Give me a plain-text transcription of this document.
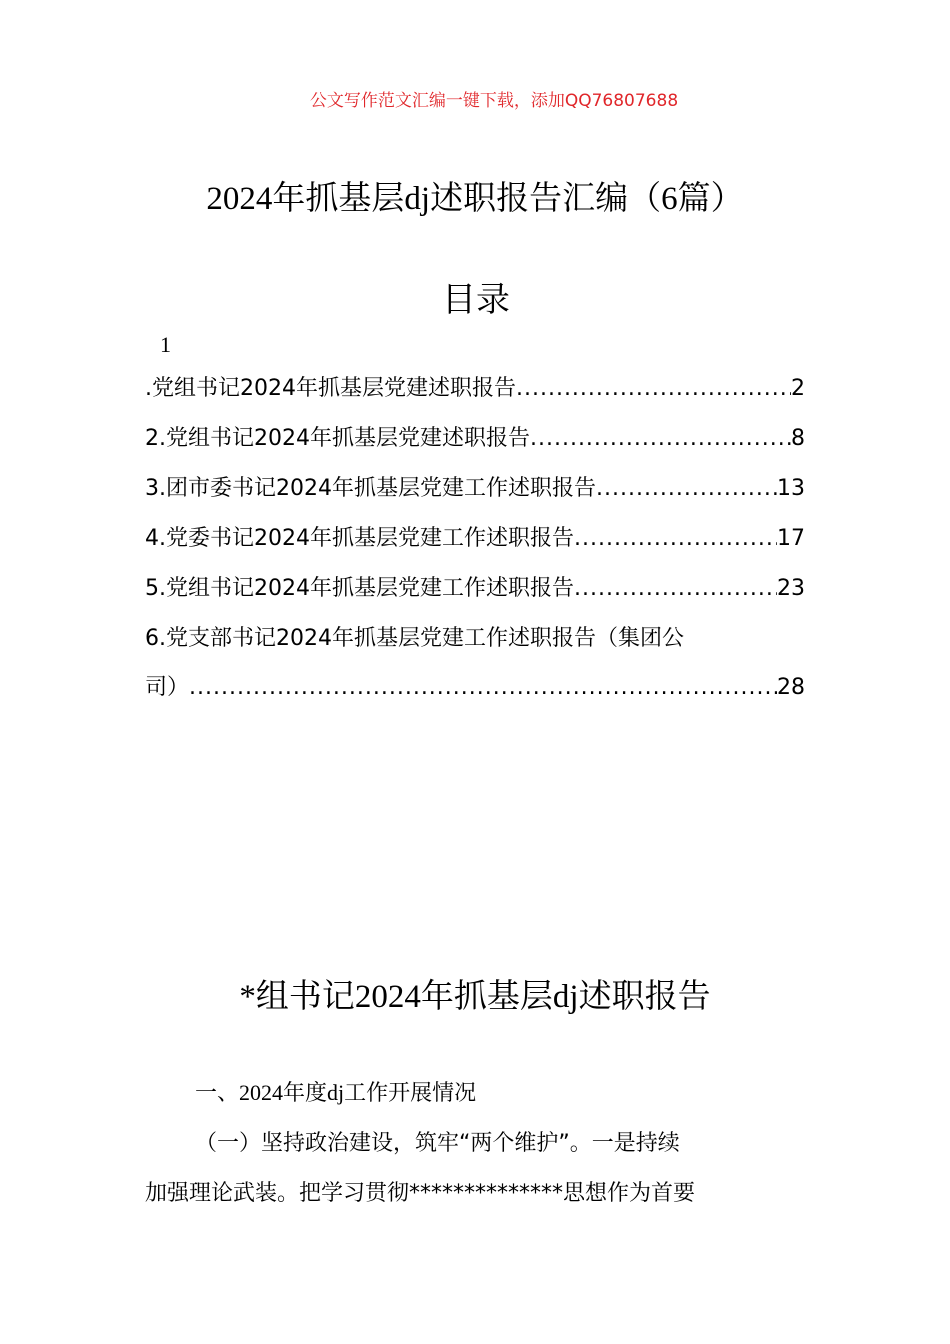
公文写作范文汇编一键下载，添加QQ76807688
2024年抓基层dj述职报告汇编（6篇）
目录
1
.党组书记2024年抓基层党建述职报告 .....	2
2.党组书记2024年抓基层党建述职报告 .....	8
3.团市委书记2024年抓基层党建工作述职报告 .....	13
4.党委书记2024年抓基层党建工作述职报告 .....	17
5.党组书记2024年抓基层党建工作述职报告 .....	23
6.党支部书记2024年抓基层党建工作述职报告（集团公
司） .....	28
*组书记2024年抓基层dj述职报告
一、2024年度dj工作开展情况
（一）坚持政治建设，筑牢“两个维护”。一是持续
加强理论武装。把学习贯彻**************思想作为首要
